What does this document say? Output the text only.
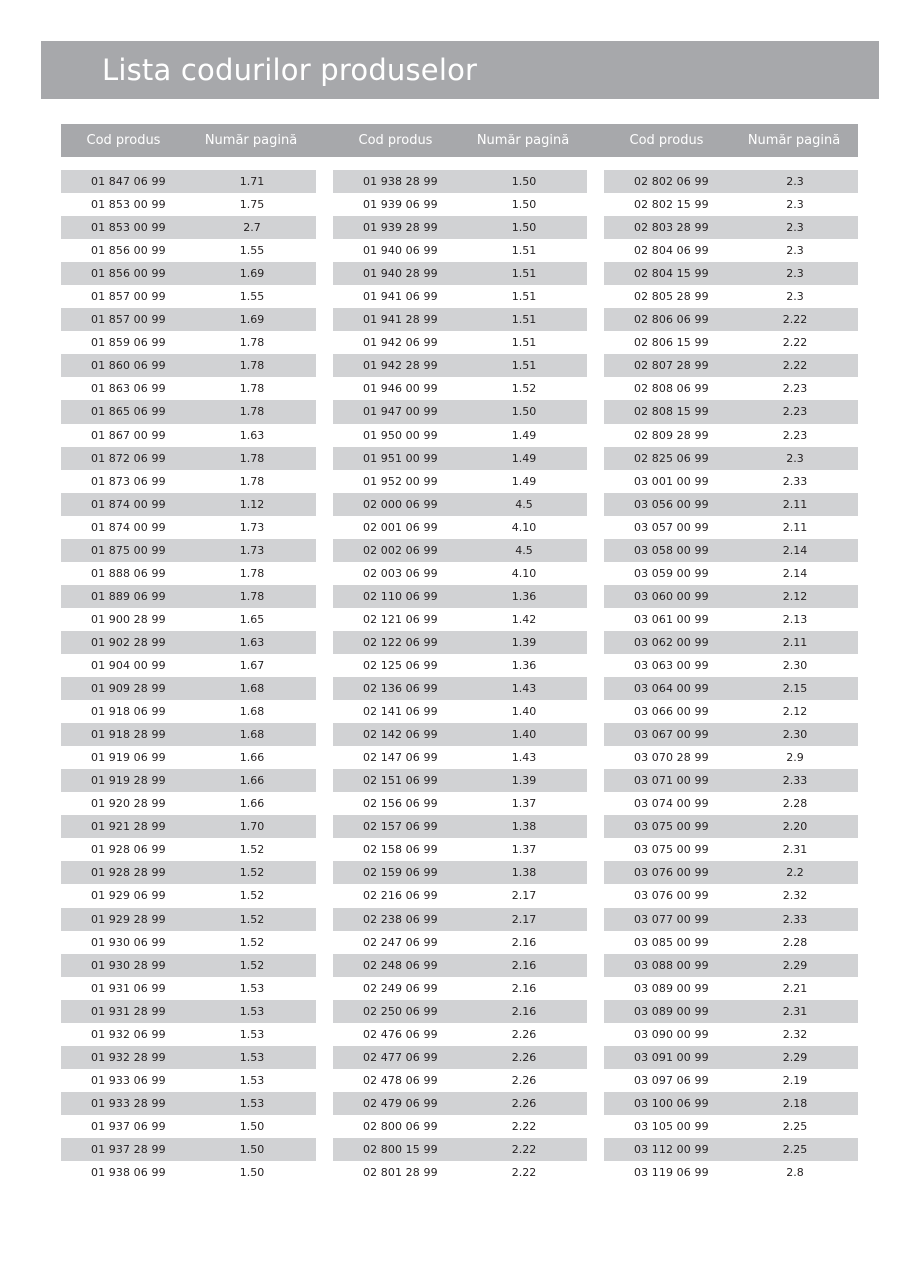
Lista codurilor produselor
Cod produs	Număr pagină	Cod produs	Număr pagină	Cod produs	Număr pagină
01 847 06 99	1.71
01 853 00 99	1.75
01 853 00 99	2.7
01 856 00 99	1.55
01 856 00 99	1.69
01 857 00 99	1.55
01 857 00 99	1.69
01 859 06 99	1.78
01 860 06 99	1.78
01 863 06 99	1.78
01 865 06 99	1.78
01 867 00 99	1.63
01 872 06 99	1.78
01 873 06 99	1.78
01 874 00 99	1.12
01 874 00 99	1.73
01 875 00 99	1.73
01 888 06 99	1.78
01 889 06 99	1.78
01 900 28 99	1.65
01 902 28 99	1.63
01 904 00 99	1.67
01 909 28 99	1.68
01 918 06 99	1.68
01 918 28 99	1.68
01 919 06 99	1.66
01 919 28 99	1.66
01 920 28 99	1.66
01 921 28 99	1.70
01 928 06 99	1.52
01 928 28 99	1.52
01 929 06 99	1.52
01 929 28 99	1.52
01 930 06 99	1.52
01 930 28 99	1.52
01 931 06 99	1.53
01 931 28 99	1.53
01 932 06 99	1.53
01 932 28 99	1.53
01 933 06 99	1.53
01 933 28 99	1.53
01 937 06 99	1.50
01 937 28 99	1.50
01 938 06 99	1.50
01 938 28 99	1.50
01 939 06 99	1.50
01 939 28 99	1.50
01 940 06 99	1.51
01 940 28 99	1.51
01 941 06 99	1.51
01 941 28 99	1.51
01 942 06 99	1.51
01 942 28 99	1.51
01 946 00 99	1.52
01 947 00 99	1.50
01 950 00 99	1.49
01 951 00 99	1.49
01 952 00 99	1.49
02 000 06 99	4.5
02 001 06 99	4.10
02 002 06 99	4.5
02 003 06 99	4.10
02 110 06 99	1.36
02 121 06 99	1.42
02 122 06 99	1.39
02 125 06 99	1.36
02 136 06 99	1.43
02 141 06 99	1.40
02 142 06 99	1.40
02 147 06 99	1.43
02 151 06 99	1.39
02 156 06 99	1.37
02 157 06 99	1.38
02 158 06 99	1.37
02 159 06 99	1.38
02 216 06 99	2.17
02 238 06 99	2.17
02 247 06 99	2.16
02 248 06 99	2.16
02 249 06 99	2.16
02 250 06 99	2.16
02 476 06 99	2.26
02 477 06 99	2.26
02 478 06 99	2.26
02 479 06 99	2.26
02 800 06 99	2.22
02 800 15 99	2.22
02 801 28 99	2.22
02 802 06 99	2.3
02 802 15 99	2.3
02 803 28 99	2.3
02 804 06 99	2.3
02 804 15 99	2.3
02 805 28 99	2.3
02 806 06 99	2.22
02 806 15 99	2.22
02 807 28 99	2.22
02 808 06 99	2.23
02 808 15 99	2.23
02 809 28 99	2.23
02 825 06 99	2.3
03 001 00 99	2.33
03 056 00 99	2.11
03 057 00 99	2.11
03 058 00 99	2.14
03 059 00 99	2.14
03 060 00 99	2.12
03 061 00 99	2.13
03 062 00 99	2.11
03 063 00 99	2.30
03 064 00 99	2.15
03 066 00 99	2.12
03 067 00 99	2.30
03 070 28 99	2.9
03 071 00 99	2.33
03 074 00 99	2.28
03 075 00 99	2.20
03 075 00 99	2.31
03 076 00 99	2.2
03 076 00 99	2.32
03 077 00 99	2.33
03 085 00 99	2.28
03 088 00 99	2.29
03 089 00 99	2.21
03 089 00 99	2.31
03 090 00 99	2.32
03 091 00 99	2.29
03 097 06 99	2.19
03 100 06 99	2.18
03 105 00 99	2.25
03 112 00 99	2.25
03 119 06 99	2.8
